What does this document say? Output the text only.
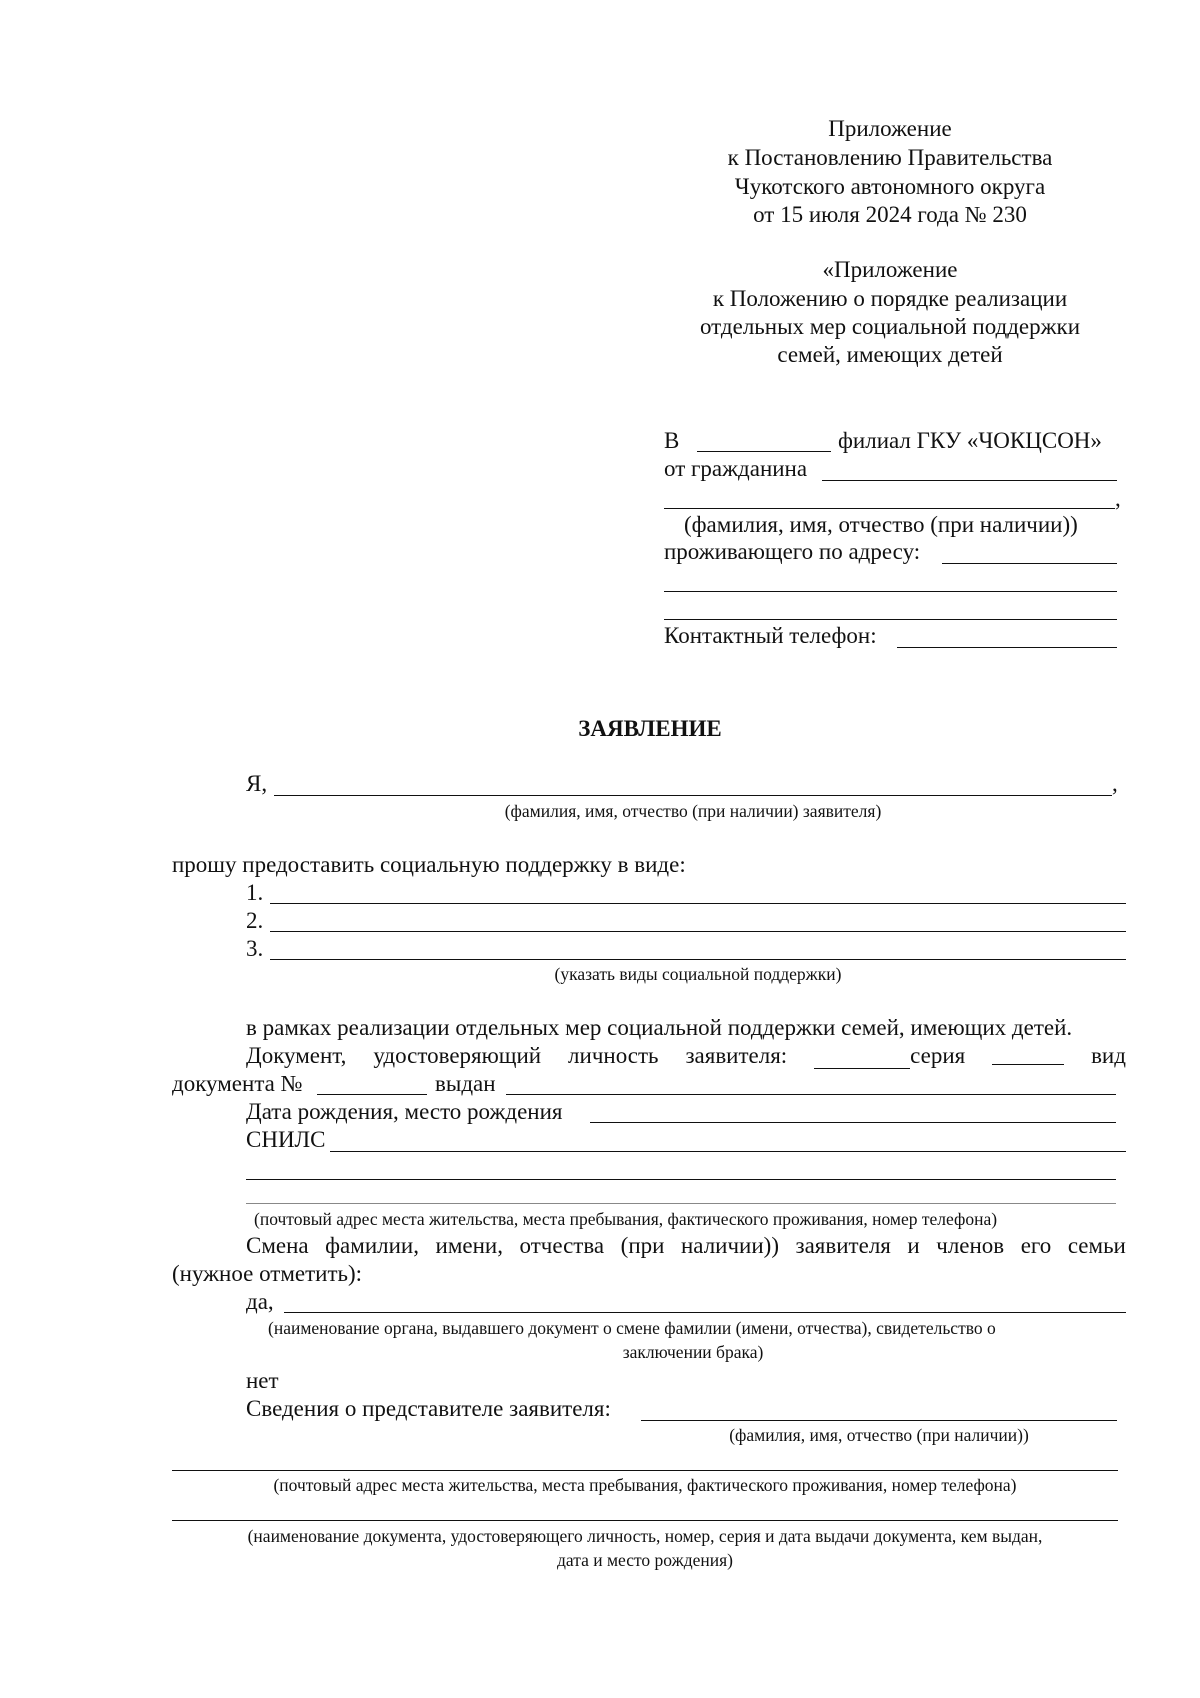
Приложение
к Постановлению Правительства
Чукотского автономного округа
от 15 июля 2024 года № 230
«Приложение
к Положению о порядке реализации
отдельных мер социальной поддержки
семей, имеющих детей
В	филиал ГКУ «ЧОКЦСОН»
от гражданина
,
(фамилия, имя, отчество (при наличии))
проживающего по адресу:
Контактный телефон:
ЗАЯВЛЕНИЕ
Я,	,
(фамилия, имя, отчество (при наличии) заявителя)
прошу предоставить социальную поддержку в виде:
1.
2.
3.
(указать виды социальной поддержки)
в рамках реализации отдельных мер социальной поддержки семей, имеющих детей.
Документ, удостоверяющий личность заявителя:	серия	вид
документа №	выдан
Дата рождения, место рождения
СНИЛС
(почтовый адрес места жительства, места пребывания, фактического проживания, номер телефона)
Смена фамилии, имени, отчества (при наличии)) заявителя и членов его семьи
(нужное отметить):
да,
(наименование органа, выдавшего документ о смене фамилии (имени, отчества), свидетельство о
заключении брака)
нет
Сведения о представителе заявителя:
(фамилия, имя, отчество (при наличии))
(почтовый адрес места жительства, места пребывания, фактического проживания, номер телефона)
(наименование документа, удостоверяющего личность, номер, серия и дата выдачи документа, кем выдан,
дата и место рождения)
